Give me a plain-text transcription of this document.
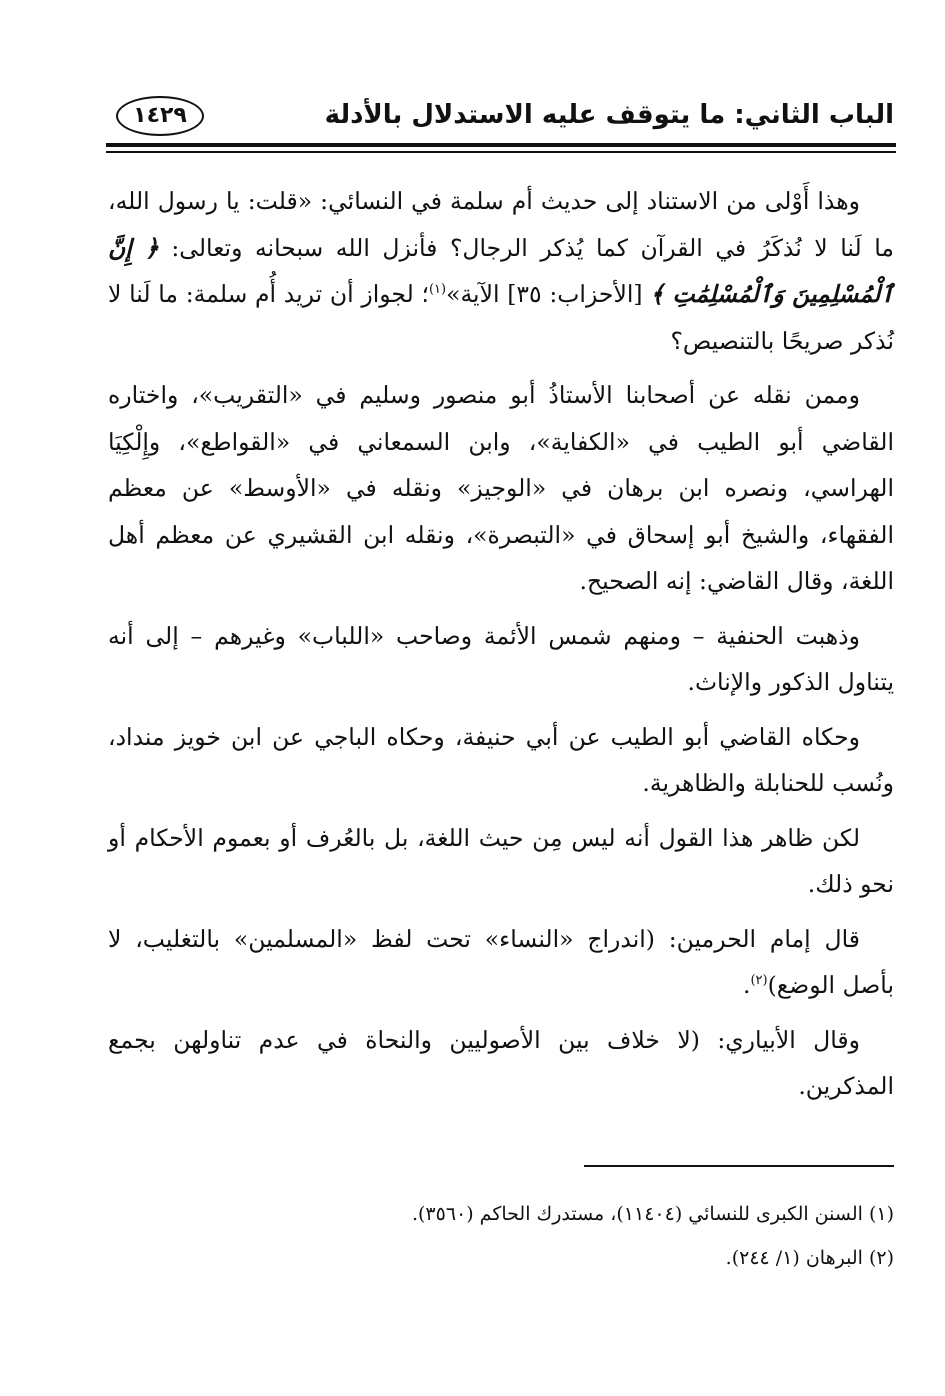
الباب الثاني: ما يتوقف عليه الاستدلال بالأدلة
١٤٢٩

وهذا أَوْلى من الاستناد إلى حديث أم سلمة في النسائي: «قلت: يا رسول الله، ما لَنا لا نُذكَرُ في القرآن كما يُذكر الرجال؟ فأنزل الله سبحانه وتعالى: ﴿ إِنَّ ٱلْمُسْلِمِينَ وَٱلْمُسْلِمَٰتِ ﴾ [الأحزاب: ٣٥] الآية»$^{(١)}$؛ لجواز أن تريد أُم سلمة: ما لَنا لا نُذكر صريحًا بالتنصيص؟

وممن نقله عن أصحابنا الأستاذُ أبو منصور وسليم في «التقريب»، واختاره القاضي أبو الطيب في «الكفاية»، وابن السمعاني في «القواطع»، وإِلْكِيَا الهراسي، ونصره ابن برهان في «الوجيز» ونقله في «الأوسط» عن معظم الفقهاء، والشيخ أبو إسحاق في «التبصرة»، ونقله ابن القشيري عن معظم أهل اللغة، وقال القاضي: إنه الصحيح.

وذهبت الحنفية – ومنهم شمس الأئمة وصاحب «اللباب» وغيرهم – إلى أنه يتناول الذكور والإناث.

وحكاه القاضي أبو الطيب عن أبي حنيفة، وحكاه الباجي عن ابن خويز منداد، ونُسب للحنابلة والظاهرية.

لكن ظاهر هذا القول أنه ليس مِن حيث اللغة، بل بالعُرف أو بعموم الأحكام أو نحو ذلك.

قال إمام الحرمين: (اندراج «النساء» تحت لفظ «المسلمين» بالتغليب، لا بأصل الوضع)$^{(٢)}$.

وقال الأبياري: (لا خلاف بين الأصوليين والنحاة في عدم تناولهن بجمع المذكرين.

(١) السنن الكبرى للنسائي (١١٤٠٤)، مستدرك الحاكم (٣٥٦٠).

(٢) البرهان (١/ ٢٤٤).
